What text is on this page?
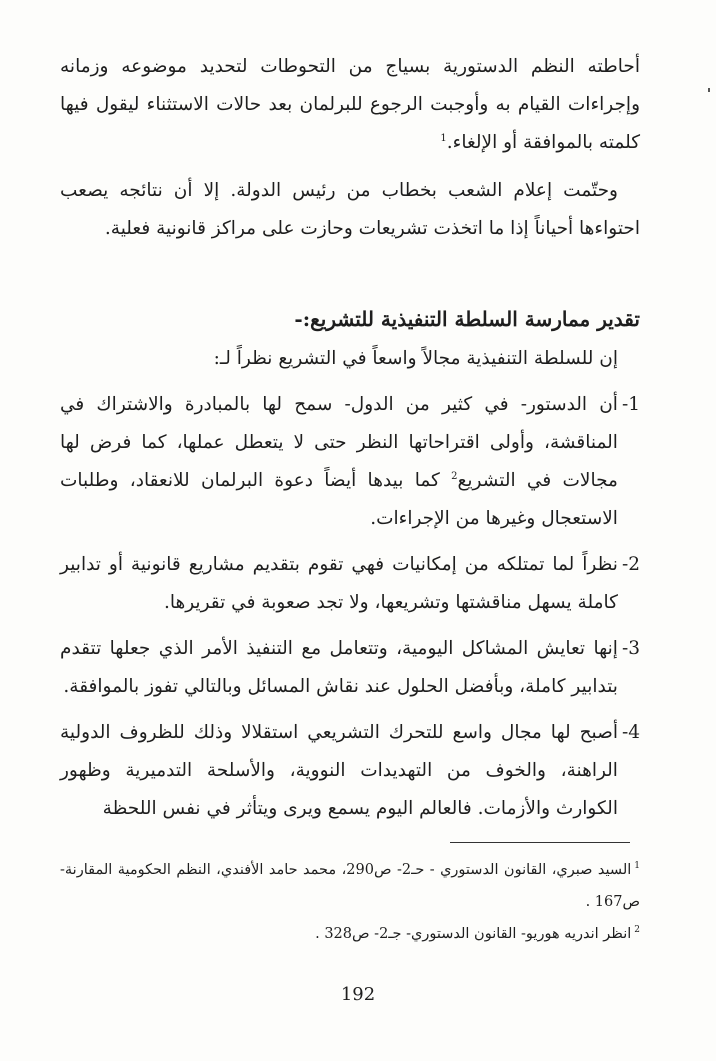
أحاطته النظم الدستورية بسياج من التحوطات لتحديد موضوعه وزمانه وإجراءات القيام به وأوجبت الرجوع للبرلمان بعد حالات الاستثناء ليقول فيها كلمته بالموافقة أو الإلغاء.$^1$

وحتّمت إعلام الشعب بخطاب من رئيس الدولة. إلا أن نتائجه يصعب احتواءها أحياناً إذا ما اتخذت تشريعات وحازت على مراكز قانونية فعلية.

تقدير ممارسة السلطة التنفيذية للتشريع:-
إن للسلطة التنفيذية مجالاً واسعاً في التشريع نظراً لـ:
1-
أن الدستور- في كثير من الدول- سمح لها بالمبادرة والاشتراك في المناقشة، وأولى اقتراحاتها النظر حتى لا يتعطل عملها، كما فرض لها مجالات في التشريع$^2$ كما بيدها أيضاً دعوة البرلمان للانعقاد، وطلبات الاستعجال وغيرها من الإجراءات.
2-
نظراً لما تمتلكه من إمكانيات فهي تقوم بتقديم مشاريع قانونية أو تدابير كاملة يسهل مناقشتها وتشريعها، ولا تجد صعوبة في تقريرها.
3-
إنها تعايش المشاكل اليومية، وتتعامل مع التنفيذ الأمر الذي جعلها تتقدم بتدابير كاملة، وبأفضل الحلول عند نقاش المسائل وبالتالي تفوز بالموافقة.
4-
أصبح لها مجال واسع للتحرك التشريعي استقلالا وذلك للظروف الدولية الراهنة، والخوف من التهديدات النووية، والأسلحة التدميرية وظهور الكوارث والأزمات. فالعالم اليوم يسمع ويرى ويتأثر في نفس اللحظة

$^1$السيد صبري، القانون الدستوري - حـ2- ص290، محمد حامد الأفندي، النظم الحكومية المقارنة- ص167 .

$^2$انظر اندريه هوريو- القانون الدستوري- جـ2- ص328 .

192
